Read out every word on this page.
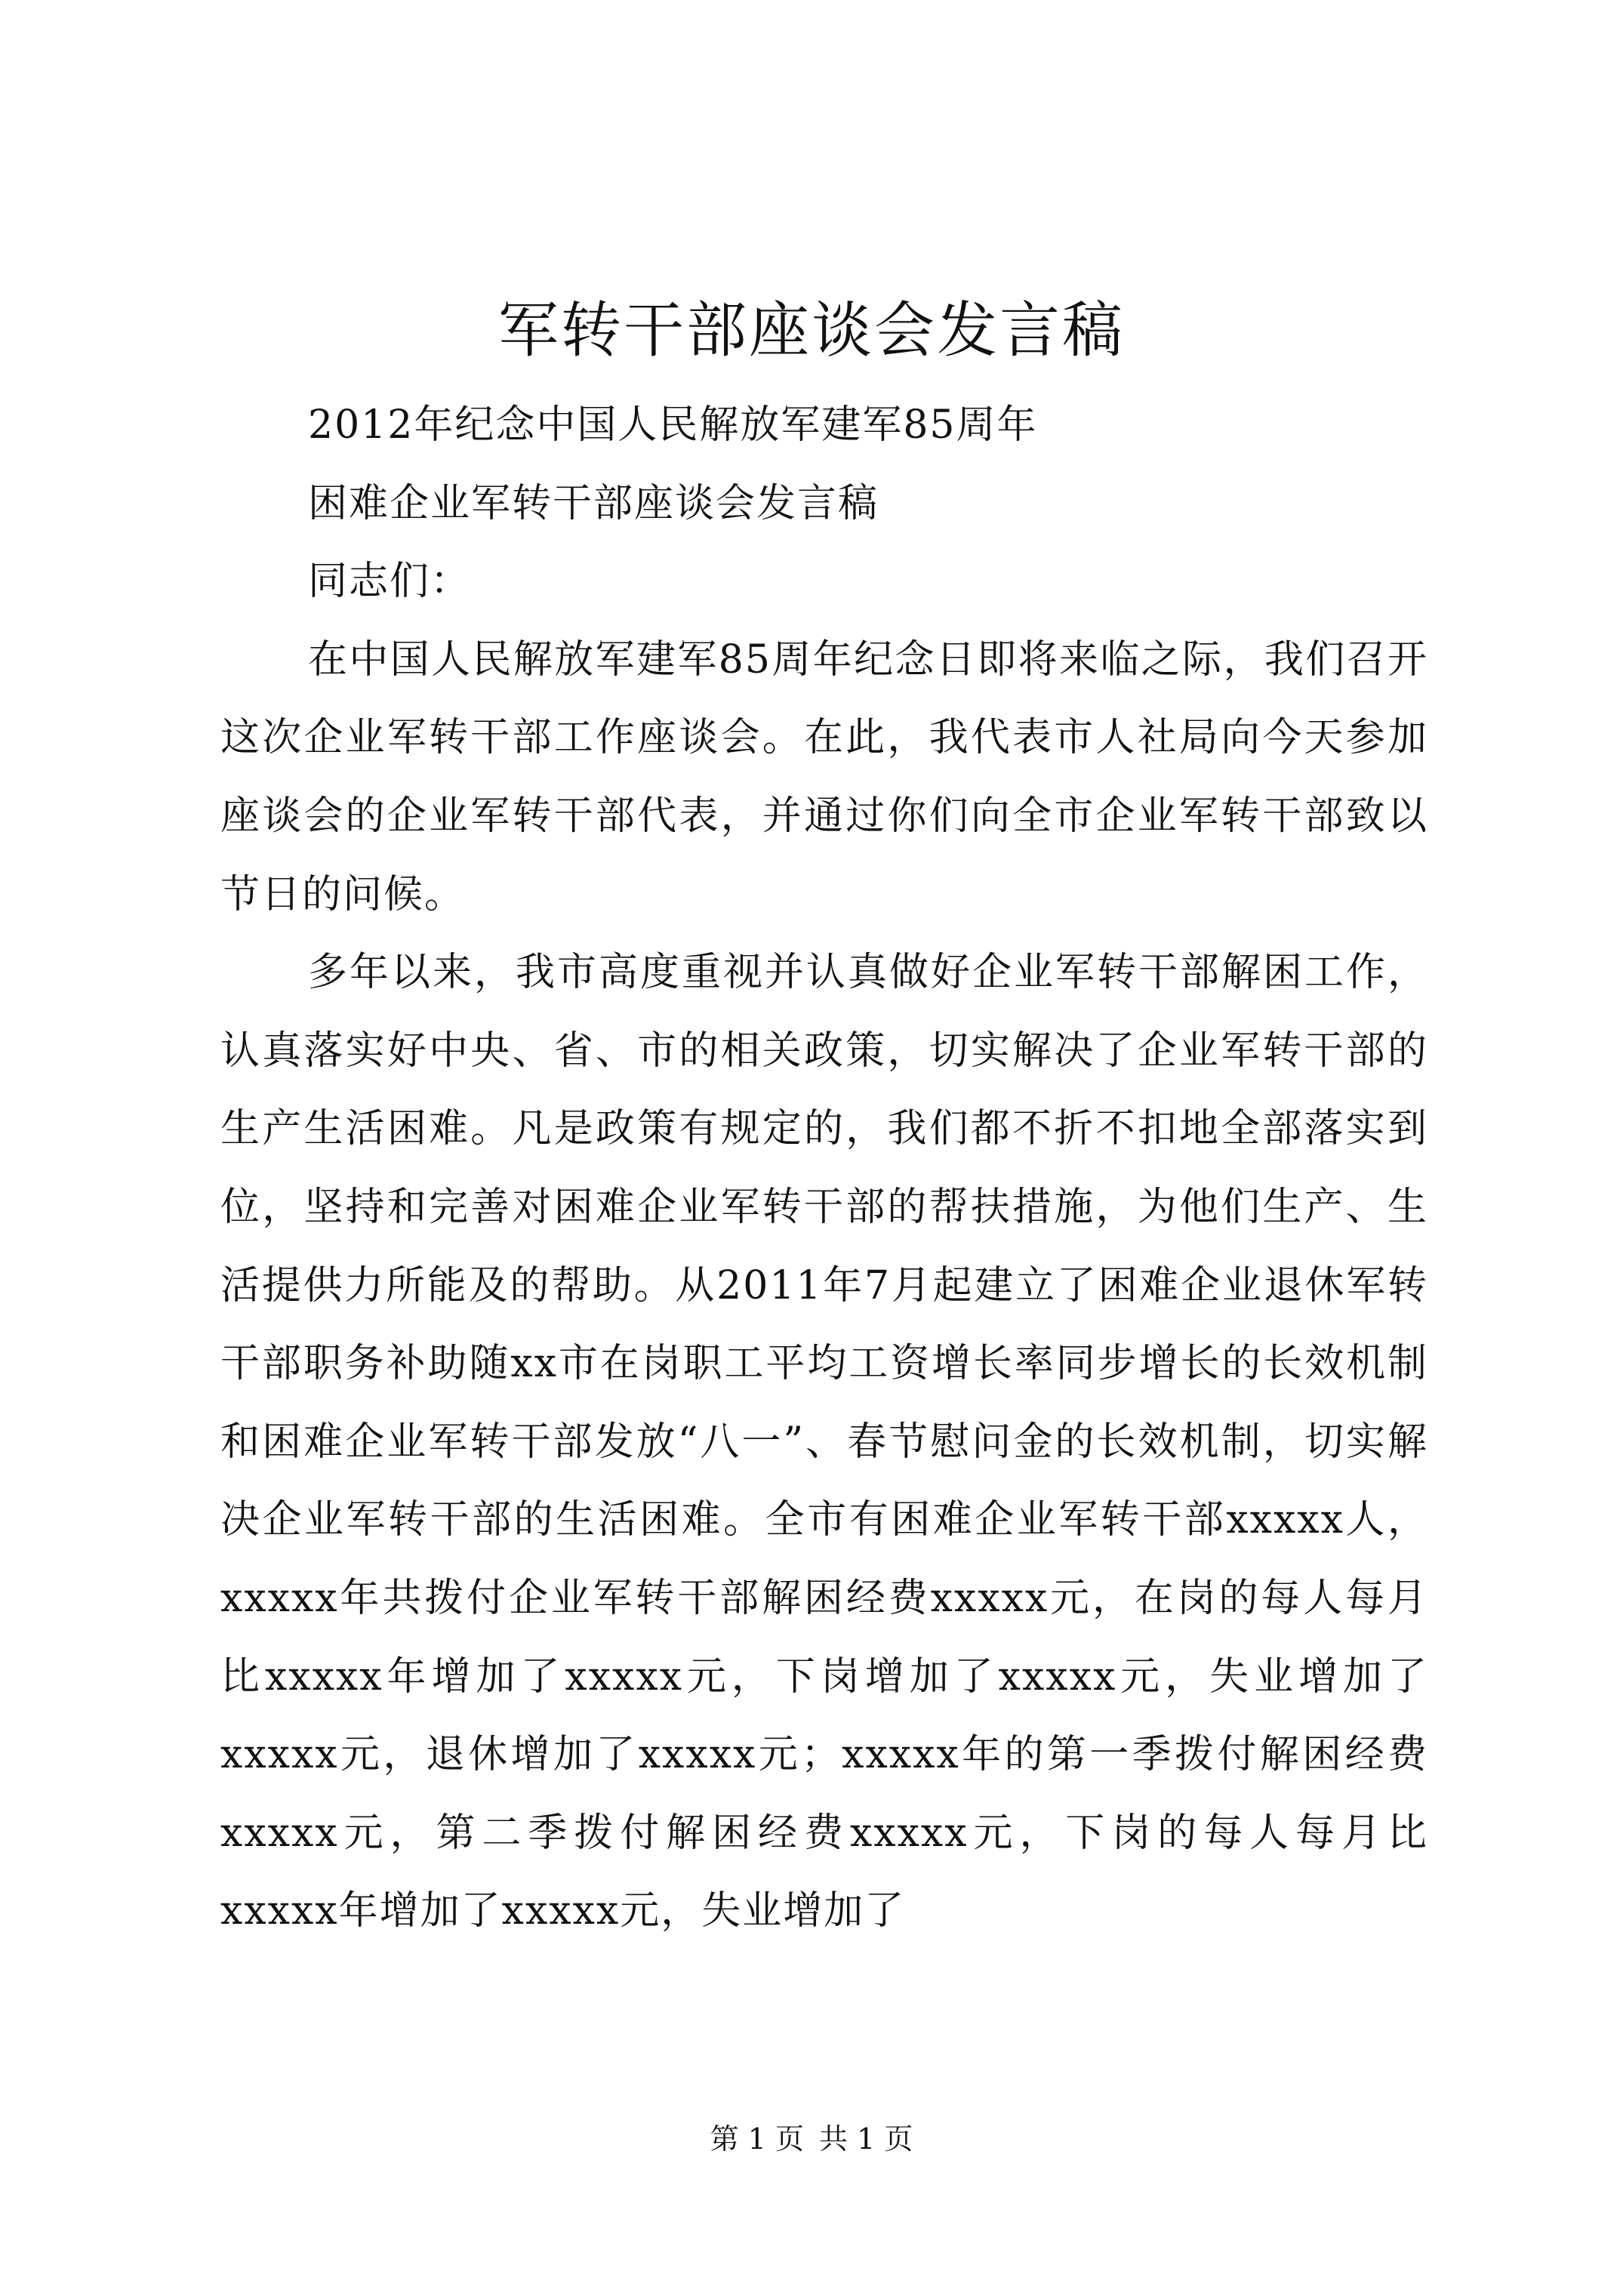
军转干部座谈会发言稿

2012年纪念中国人民解放军建军85周年

困难企业军转干部座谈会发言稿

同志们：

在中国人民解放军建军85周年纪念日即将来临之际，我们召开这次企业军转干部工作座谈会。在此，我代表市人社局向今天参加座谈会的企业军转干部代表，并通过你们向全市企业军转干部致以节日的问候。

多年以来，我市高度重视并认真做好企业军转干部解困工作，认真落实好中央、省、市的相关政策，切实解决了企业军转干部的生产生活困难。凡是政策有规定的，我们都不折不扣地全部落实到位，坚持和完善对困难企业军转干部的帮扶措施，为他们生产、生活提供力所能及的帮助。从2011年7月起建立了困难企业退休军转干部职务补助随xx市在岗职工平均工资增长率同步增长的长效机制和困难企业军转干部发放“八一”、春节慰问金的长效机制，切实解决企业军转干部的生活困难。全市有困难企业军转干部xxxxx人，xxxxx年共拨付企业军转干部解困经费xxxxx元，在岗的每人每月比xxxxx年增加了xxxxx元，下岗增加了xxxxx元，失业增加了xxxxx元，退休增加了xxxxx元；xxxxx年的第一季拨付解困经费xxxxx元，第二季拨付解困经费xxxxx元，下岗的每人每月比xxxxx年增加了xxxxx元，失业增加了

第 1 页 共 1 页
